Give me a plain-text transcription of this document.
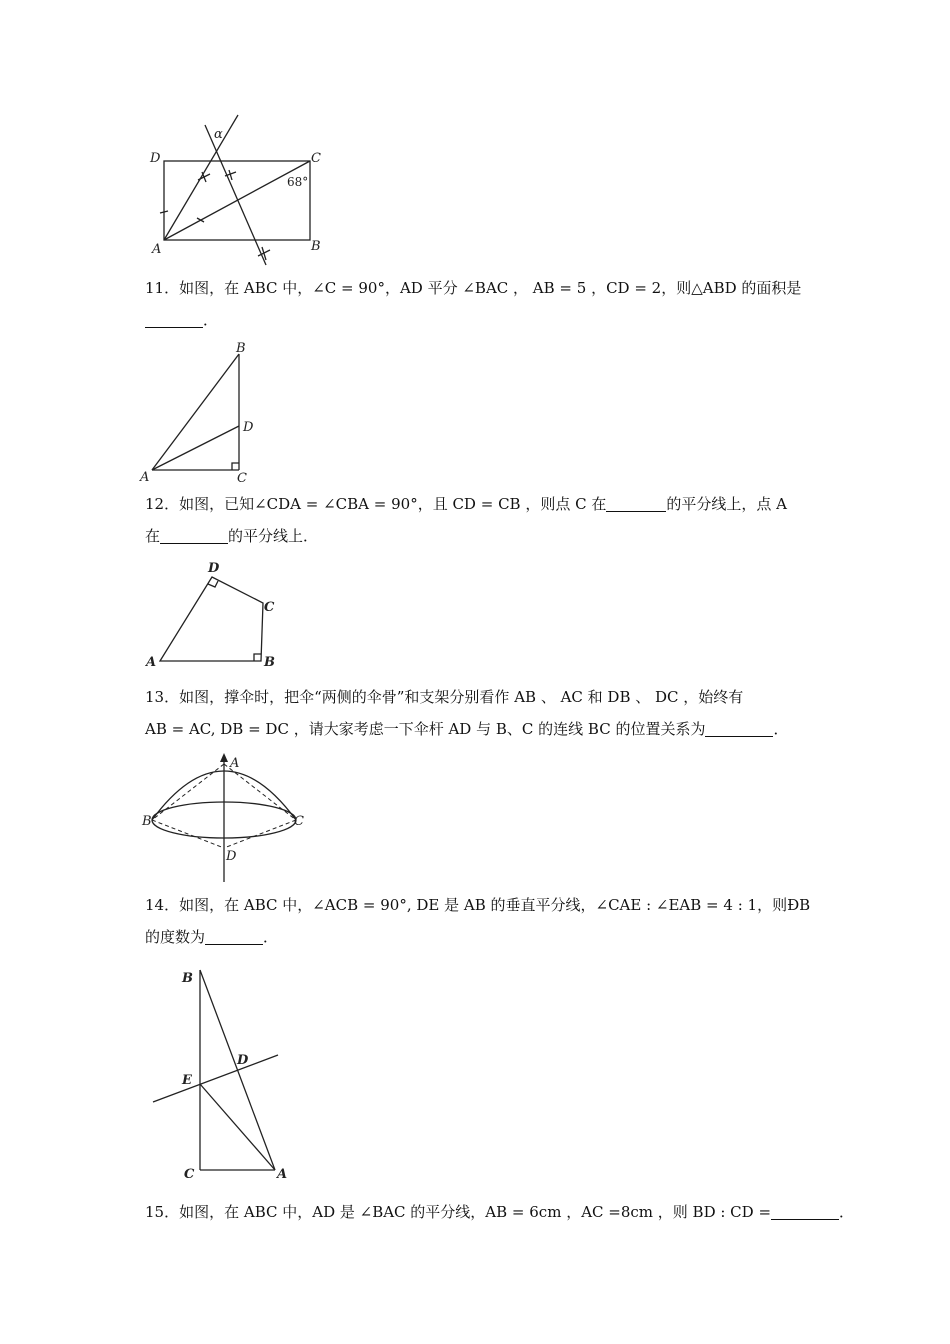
D	C
A	B
α
68°

11．如图，在 ABC 中，∠C = 90°，AD 平分 ∠BAC ， AB = 5 ，CD = 2，则△ABD 的面积是

．

B
D
A	C

12．如图，已知∠CDA = ∠CBA = 90°，且 CD = CB ，则点 C 在	的平分线上，点 A

在	的平分线上．

D
C
A	B

13．如图，撑伞时，把伞“两侧的伞骨”和支架分别看作 AB 、 AC 和 DB 、 DC ，始终有

AB = AC, DB = DC ，请大家考虑一下伞杆 AD 与 B、C 的连线 BC 的位置关系为	．

A
B	C
D

14．如图，在 ABC 中，∠ACB = 90°, DE 是 AB 的垂直平分线，∠CAE : ∠EAB = 4 : 1，则ÐB

的度数为	．

B
D
E
C	A

15．如图，在 ABC 中，AD 是 ∠BAC 的平分线，AB = 6cm ，AC =8cm ，则 BD : CD =	．
